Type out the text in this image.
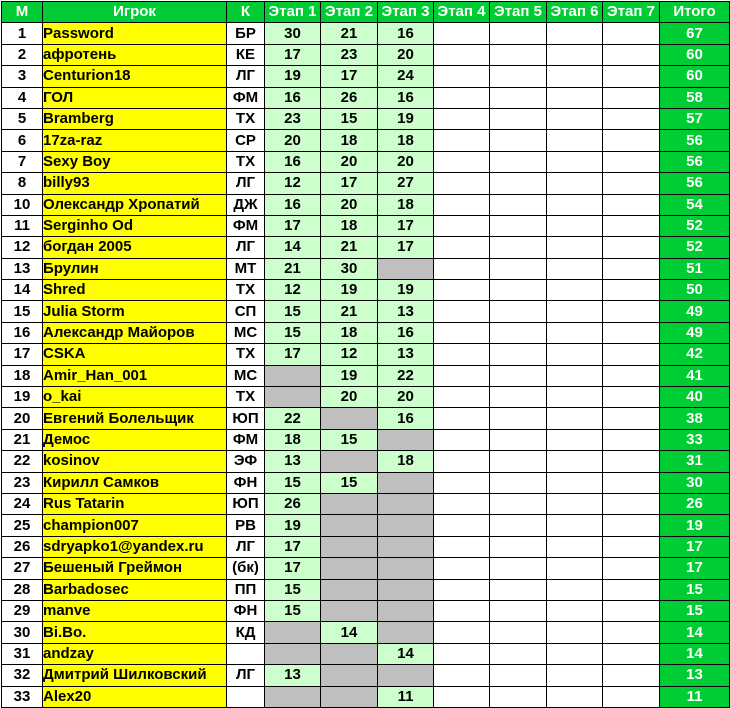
М	Игрок	К	Этап 1	Этап 2	Этап 3	Этап 4	Этап 5	Этап 6	Этап 7	Итого
1	Password	БР	30	21	16					67
2	афротень	КЕ	17	23	20					60
3	Centurion18	ЛГ	19	17	24					60
4	ГОЛ	ФМ	16	26	16					58
5	Bramberg	ТХ	23	15	19					57
6	17za-raz	СР	20	18	18					56
7	Sexy Boy	ТХ	16	20	20					56
8	billy93	ЛГ	12	17	27					56
10	Олександр Хропатий	ДЖ	16	20	18					54
11	Serginho Od	ФМ	17	18	17					52
12	богдан 2005	ЛГ	14	21	17					52
13	Брулин	МТ	21	30						51
14	Shred	ТХ	12	19	19					50
15	Julia Storm	СП	15	21	13					49
16	Александр Майоров	МС	15	18	16					49
17	CSKA	ТХ	17	12	13					42
18	Amir_Han_001	МС		19	22					41
19	o_kai	ТХ		20	20					40
20	Евгений Болельщик	ЮП	22		16					38
21	Демос	ФМ	18	15						33
22	kosinov	ЭФ	13		18					31
23	Кирилл Самков	ФН	15	15						30
24	Rus Tatarin	ЮП	26							26
25	champion007	РВ	19							19
26	sdryapko1@yandex.ru	ЛГ	17							17
27	Бешеный Греймон	(бк)	17							17
28	Barbadosec	ПП	15							15
29	manve	ФН	15							15
30	Bi.Bo.	КД		14						14
31	andzay				14					14
32	Дмитрий Шилковский	ЛГ	13							13
33	Alex20				11					11
